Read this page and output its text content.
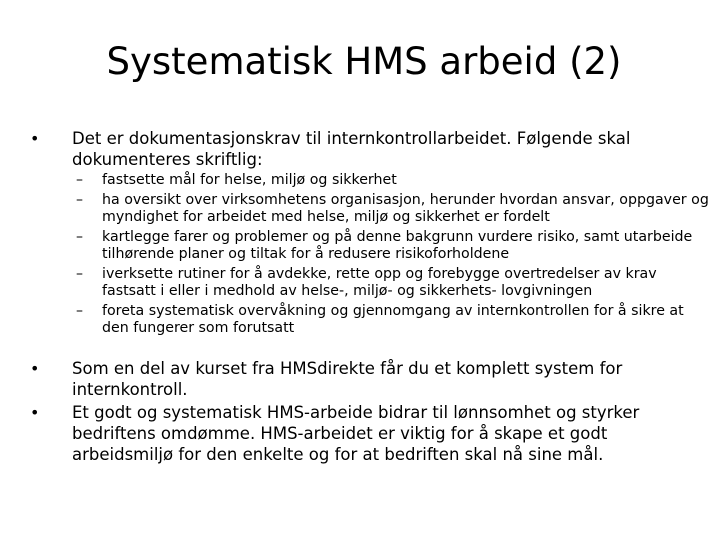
Systematisk HMS arbeid (2)
•	Det er dokumentasjonskrav til internkontrollarbeidet. Følgende skal dokumenteres skriftlig:
– fastsette mål for helse, miljø og sikkerhet
– ha oversikt over virksomhetens organisasjon, herunder hvordan ansvar, oppgaver og myndighet for arbeidet med helse, miljø og sikkerhet er fordelt
– kartlegge farer og problemer og på denne bakgrunn vurdere risiko, samt utarbeide tilhørende planer og tiltak for å redusere risikoforholdene
– iverksette rutiner for å avdekke, rette opp og forebygge overtredelser av krav fastsatt i eller i medhold av helse-, miljø- og sikkerhets- lovgivningen
– foreta systematisk overvåkning og gjennomgang av internkontrollen for å sikre at den fungerer som forutsatt
•	Som en del av kurset fra HMSdirekte får du et komplett system for internkontroll.
•	Et godt og systematisk HMS-arbeide bidrar til lønnsomhet og styrker bedriftens omdømme. HMS-arbeidet er viktig for å skape et godt arbeidsmiljø for den enkelte og for at bedriften skal nå sine mål.
